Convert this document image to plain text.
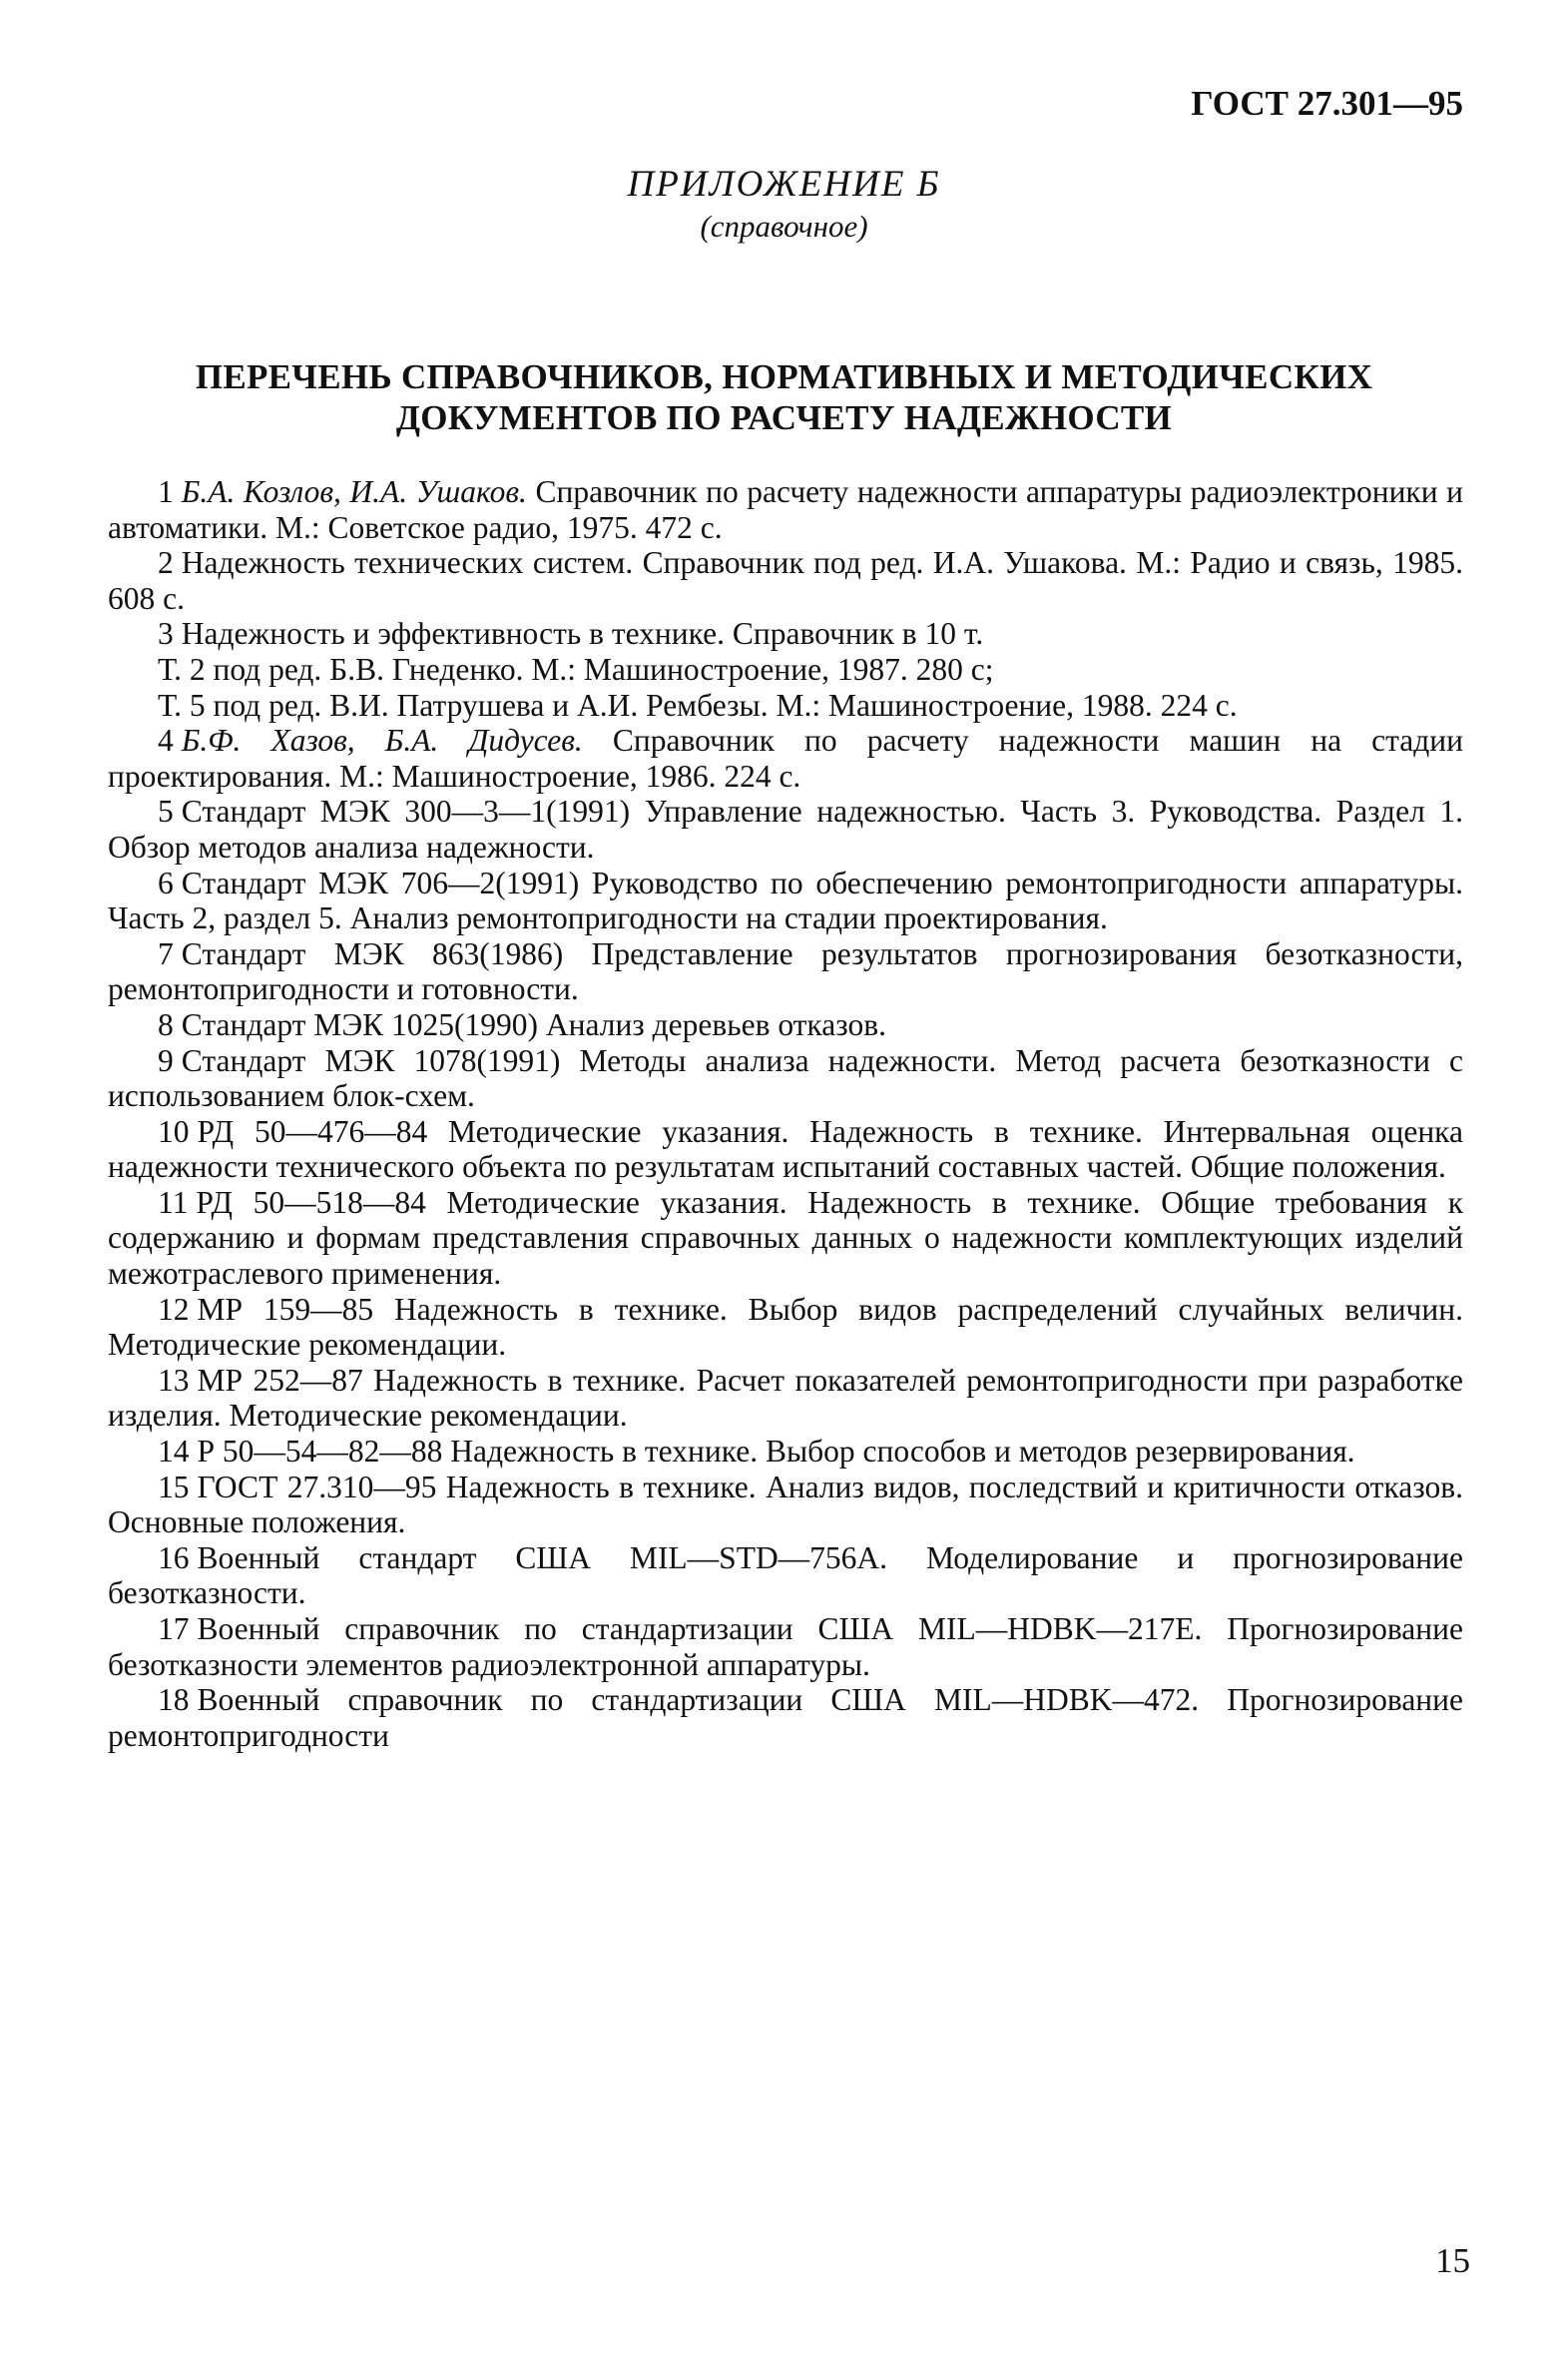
ГОСТ 27.301—95
ПРИЛОЖЕНИЕ Б
(справочное)
ПЕРЕЧЕНЬ СПРАВОЧНИКОВ, НОРМАТИВНЫХ И МЕТОДИЧЕСКИХ ДОКУМЕНТОВ ПО РАСЧЕТУ НАДЕЖНОСТИ

1 Б.А. Козлов, И.А. Ушаков. Справочник по расчету надежности аппаратуры радиоэлектроники и автоматики. М.: Советское радио, 1975. 472 с.

2 Надежность технических систем. Справочник под ред. И.А. Ушакова. М.: Радио и связь, 1985. 608 с.

3 Надежность и эффективность в технике. Справочник в 10 т.

Т. 2 под ред. Б.В. Гнеденко. М.: Машиностроение, 1987. 280 с;

Т. 5 под ред. В.И. Патрушева и А.И. Рембезы. М.: Машиностроение, 1988. 224 с.

4 Б.Ф. Хазов, Б.А. Дидусев. Справочник по расчету надежности машин на стадии проектирования. М.: Машиностроение, 1986. 224 с.

5 Стандарт МЭК 300—3—1(1991) Управление надежностью. Часть 3. Руководства. Раздел 1. Обзор методов анализа надежности.

6 Стандарт МЭК 706—2(1991) Руководство по обеспечению ремонтопригодности аппаратуры. Часть 2, раздел 5. Анализ ремонтопригодности на стадии проектирования.

7 Стандарт МЭК 863(1986) Представление результатов прогнозирования безотказности, ремонтопригодности и готовности.

8 Стандарт МЭК 1025(1990) Анализ деревьев отказов.

9 Стандарт МЭК 1078(1991) Методы анализа надежности. Метод расчета безотказности с использованием блок-схем.

10 РД 50—476—84 Методические указания. Надежность в технике. Интервальная оценка надежности технического объекта по результатам испытаний составных частей. Общие положения.

11 РД 50—518—84 Методические указания. Надежность в технике. Общие требования к содержанию и формам представления справочных данных о надежности комплектующих изделий межотраслевого применения.

12 МР 159—85 Надежность в технике. Выбор видов распределений случайных величин. Методические рекомендации.

13 МР 252—87 Надежность в технике. Расчет показателей ремонтопригодности при разработке изделия. Методические рекомендации.

14 Р 50—54—82—88 Надежность в технике. Выбор способов и методов резервирования.

15 ГОСТ 27.310—95 Надежность в технике. Анализ видов, последствий и критичности отказов. Основные положения.

16 Военный стандарт США MIL—STD—756A. Моделирование и прогнозирование безотказности.

17 Военный справочник по стандартизации США MIL—HDBK—217E. Прогнозирование безотказности элементов радиоэлектронной аппаратуры.

18 Военный справочник по стандартизации США MIL—HDBK—472. Прогнозирование ремонтопригодности

15
